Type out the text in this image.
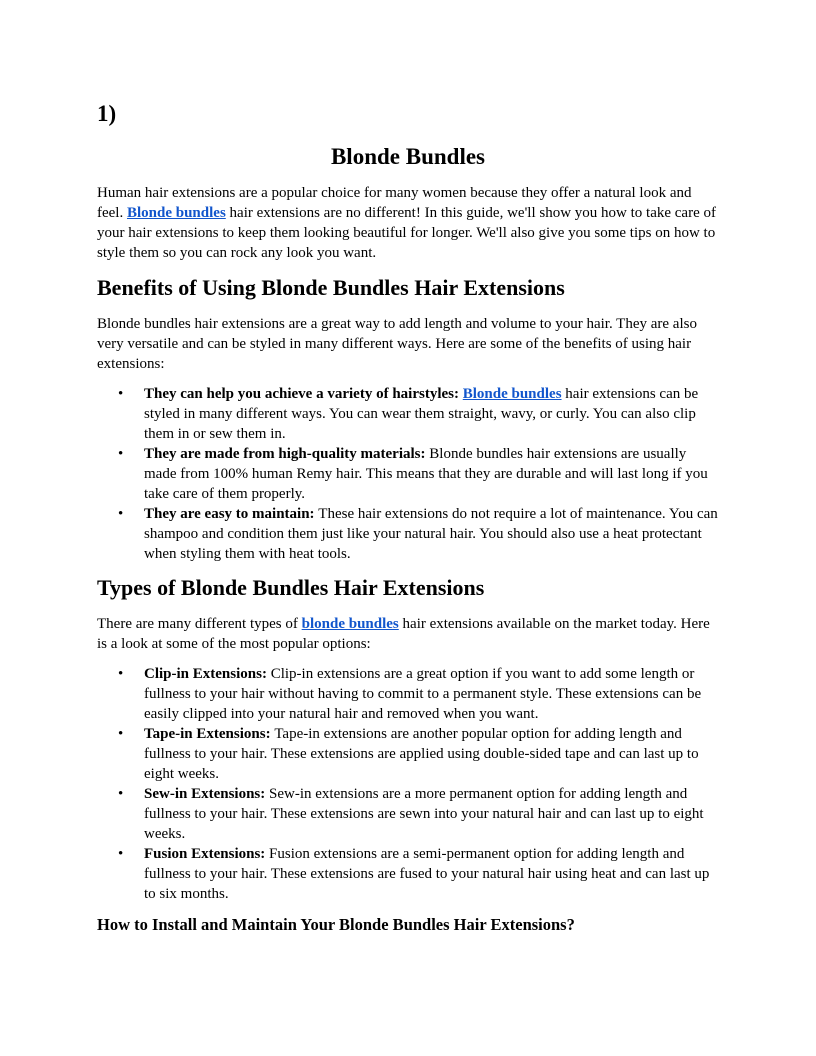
1)

Blonde Bundles

Human hair extensions are a popular choice for many women because they offer a natural look and feel. Blonde bundles hair extensions are no different! In this guide, we'll show you how to take care of your hair extensions to keep them looking beautiful for longer. We'll also give you some tips on how to style them so you can rock any look you want.

Benefits of Using Blonde Bundles Hair Extensions

Blonde bundles hair extensions are a great way to add length and volume to your hair. They are also very versatile and can be styled in many different ways. Here are some of the benefits of using hair extensions:

• They can help you achieve a variety of hairstyles: Blonde bundles hair extensions can be styled in many different ways. You can wear them straight, wavy, or curly. You can also clip them in or sew them in.
• They are made from high-quality materials: Blonde bundles hair extensions are usually made from 100% human Remy hair. This means that they are durable and will last long if you take care of them properly.
• They are easy to maintain: These hair extensions do not require a lot of maintenance. You can shampoo and condition them just like your natural hair. You should also use a heat protectant when styling them with heat tools.
Types of Blonde Bundles Hair Extensions

There are many different types of blonde bundles hair extensions available on the market today. Here is a look at some of the most popular options:

• Clip-in Extensions: Clip-in extensions are a great option if you want to add some length or fullness to your hair without having to commit to a permanent style. These extensions can be easily clipped into your natural hair and removed when you want.
• Tape-in Extensions: Tape-in extensions are another popular option for adding length and fullness to your hair. These extensions are applied using double-sided tape and can last up to eight weeks.
• Sew-in Extensions: Sew-in extensions are a more permanent option for adding length and fullness to your hair. These extensions are sewn into your natural hair and can last up to eight weeks.
• Fusion Extensions: Fusion extensions are a semi-permanent option for adding length and fullness to your hair. These extensions are fused to your natural hair using heat and can last up to six months.
How to Install and Maintain Your Blonde Bundles Hair Extensions?
